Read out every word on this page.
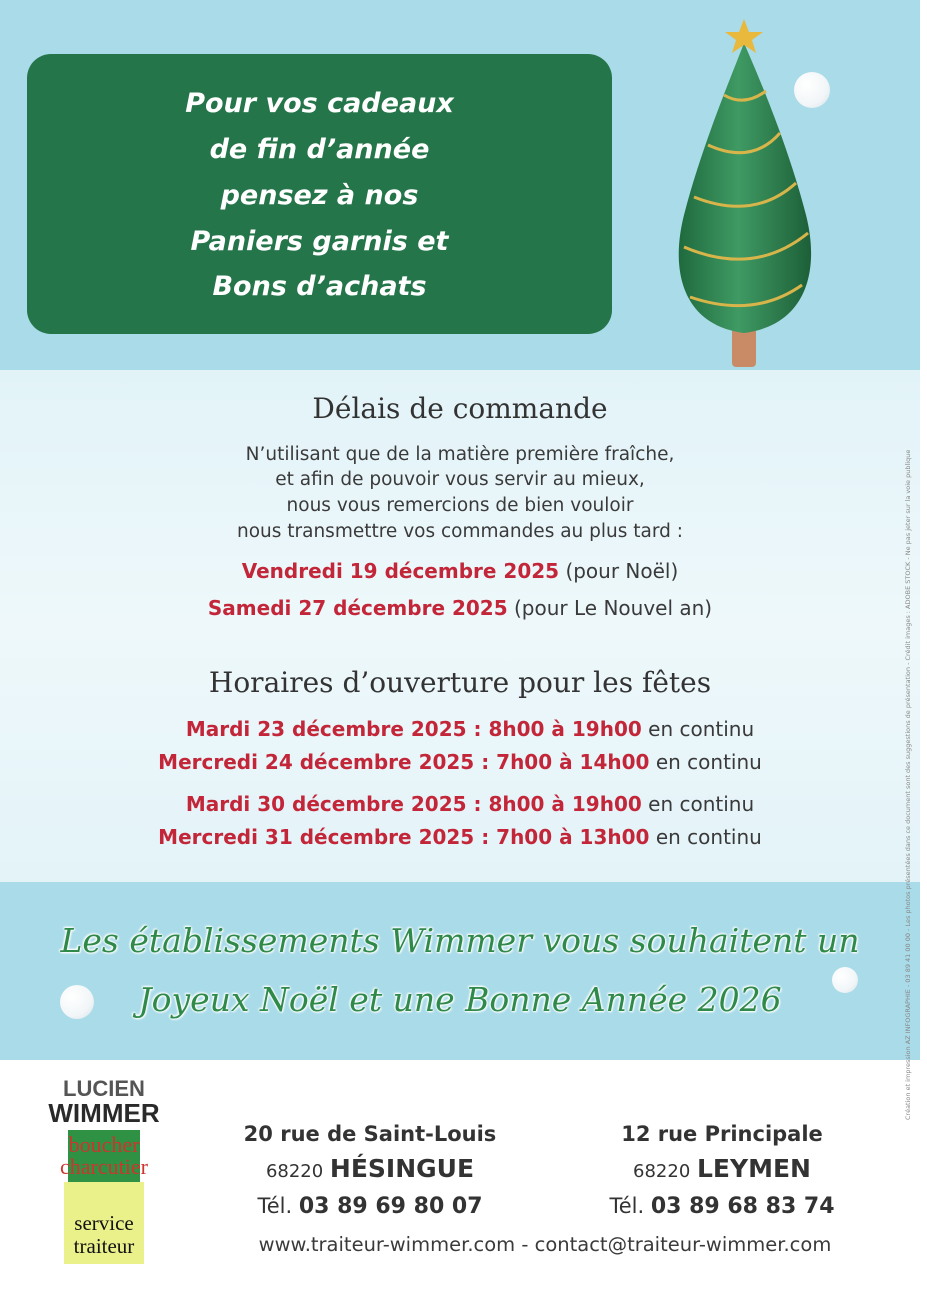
Pour vos cadeaux
de fin d’année
pensez à nos
Paniers garnis et
Bons d’achats
Délais de commande
N’utilisant que de la matière première fraîche,
et afin de pouvoir vous servir au mieux,
nous vous remercions de bien vouloir
nous transmettre vos commandes au plus tard :
Vendredi 19 décembre 2025 (pour Noël)
Samedi 27 décembre 2025 (pour Le Nouvel an)
Horaires d’ouverture pour les fêtes
Mardi 23 décembre 2025 : 8h00 à 19h00 en continu
Mercredi 24 décembre 2025 : 7h00 à 14h00 en continu
Mardi 30 décembre 2025 : 8h00 à 19h00 en continu
Mercredi 31 décembre 2025 : 7h00 à 13h00 en continu
Les établissements Wimmer vous souhaitent un
Joyeux Noël et une Bonne Année 2026
LUCIEN
WIMMER
boucher
charcutier
service
traiteur
20 rue de Saint-Louis
68220 HÉSINGUE
Tél. 03 89 69 80 07
12 rue Principale
68220 LEYMEN
Tél. 03 89 68 83 74
www.traiteur-wimmer.com - contact@traiteur-wimmer.com
